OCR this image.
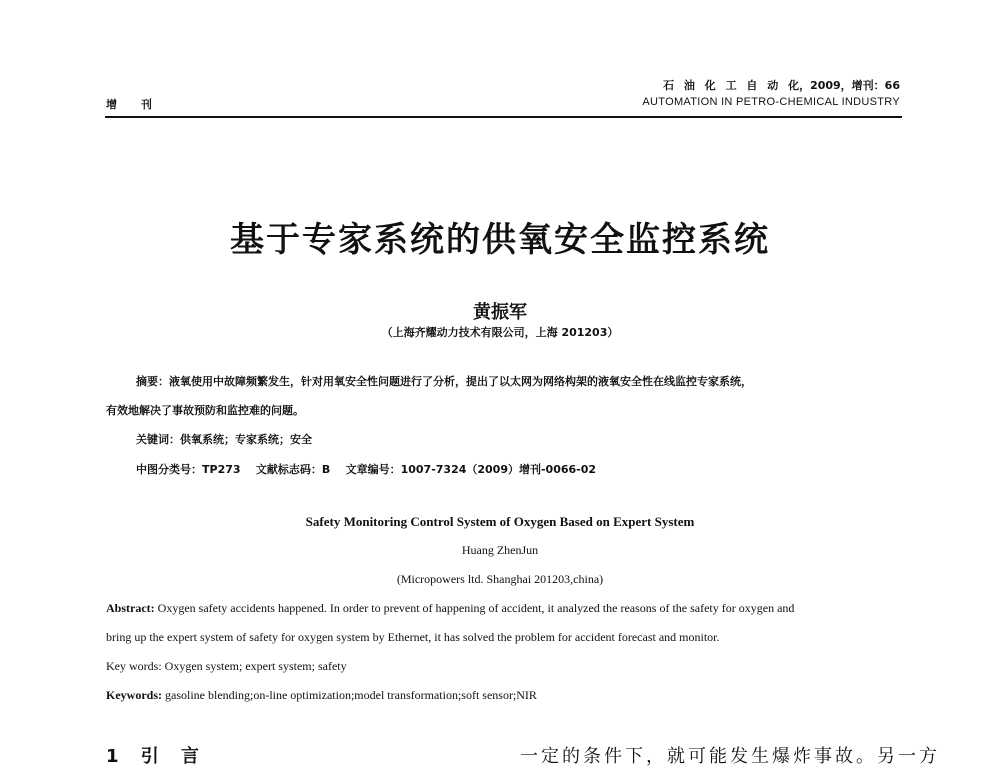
增 刊
石 油 化 工 自 动 化，2009，增刊：66
AUTOMATION IN PETRO-CHEMICAL INDUSTRY
基于专家系统的供氧安全监控系统
黄振军
（上海齐耀动力技术有限公司，上海 201203）
摘要：液氧使用中故障频繁发生，针对用氧安全性问题进行了分析，提出了以太网为网络构架的液氧安全性在线监控专家系统，
有效地解决了事故预防和监控难的问题。
关键词：供氧系统；专家系统；安全
中图分类号：TP273 文献标志码：B 文章编号：1007-7324（2009）增刊-0066-02
Safety Monitoring Control System of Oxygen Based on Expert System
Huang ZhenJun
(Micropowers ltd. Shanghai 201203,china)
Abstract: Oxygen safety accidents happened. In order to prevent of happening of accident, it analyzed the reasons of the safety for oxygen and
bring up the expert system of safety for oxygen system by Ethernet, it has solved the problem for accident forecast and monitor.
Key words: Oxygen system; expert system; safety
Keywords: gasoline blending;on-line optimization;model transformation;soft sensor;NIR
1 引 言	一定的条件下，就可能发生爆炸事故。另一方
